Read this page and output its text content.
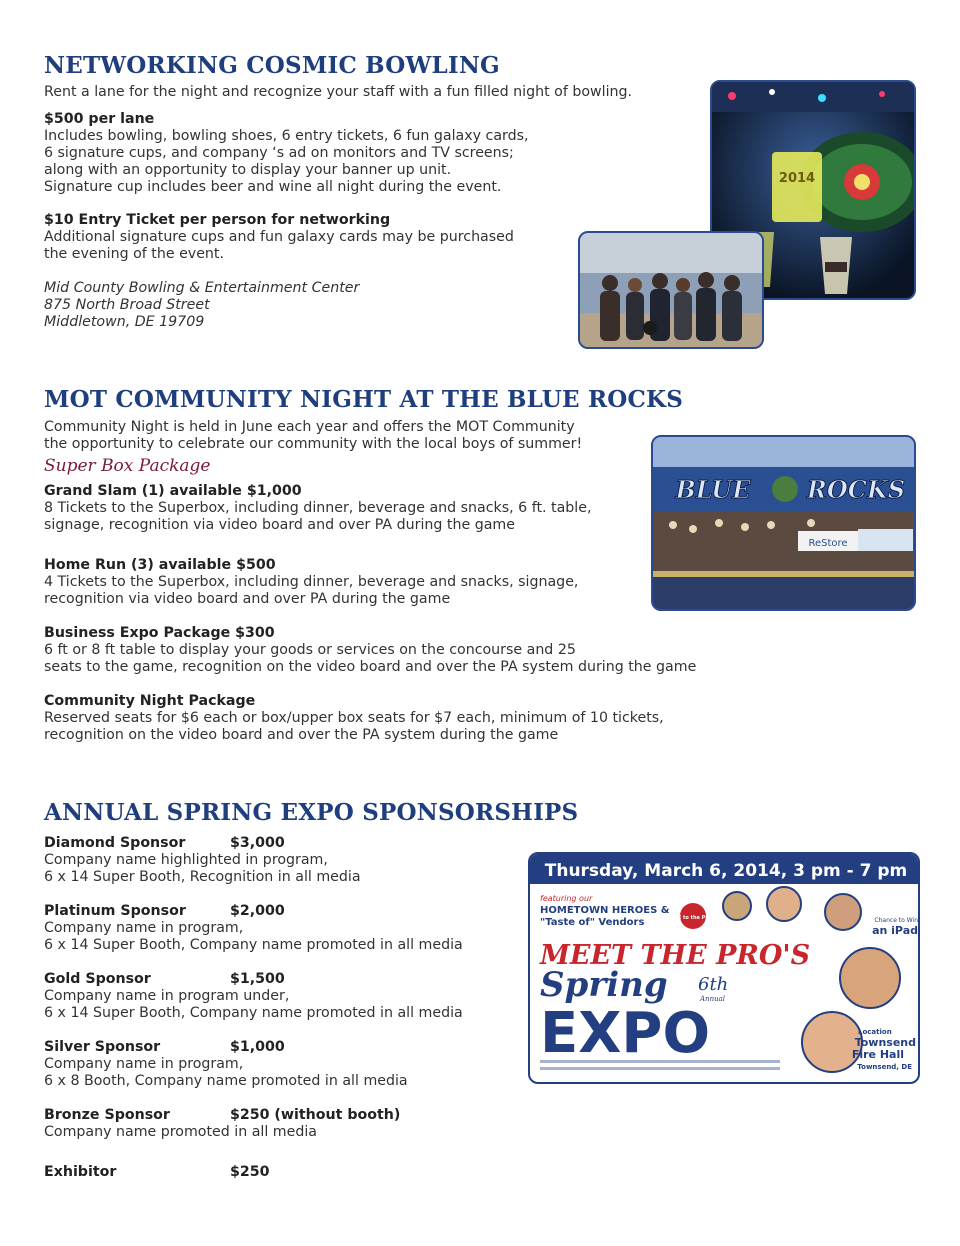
NETWORKING COSMIC BOWLING
Rent a lane for the night and recognize your staff with a fun filled night of bowling.
$500 per lane
Includes bowling, bowling shoes, 6 entry tickets, 6 fun galaxy cards,
6 signature cups, and company ‘s ad on monitors and TV screens;
along with an opportunity to display your banner up unit.
Signature cup includes beer and wine all night during the event.
$10 Entry Ticket per person for networking
Additional signature cups and fun galaxy cards may be purchased
the evening of the event.
Mid County Bowling & Entertainment Center
875 North Broad Street
Middletown, DE 19709
2014
MOT COMMUNITY NIGHT AT THE BLUE ROCKS
Community Night is held in June each year and offers the MOT Community
the opportunity to celebrate our community with the local boys of summer!
Super Box Package
Grand Slam (1) available $1,000
8 Tickets to the Superbox, including dinner, beverage and snacks, 6 ft. table,
signage, recognition via video board and over PA during the game
Home Run (3) available $500
4 Tickets to the Superbox, including dinner, beverage and snacks, signage,
recognition via video board and over PA during the game
Business Expo Package $300
6 ft or 8 ft table to display your goods or services on the concourse and 25
seats to the game, recognition on the video board and over the PA system during the game
Community Night Package
Reserved seats for $6 each or box/upper box seats for $7 each, minimum of 10 tickets,
recognition on the video board and over the PA system during the game
BLUE ROCKS
ReStore
ANNUAL SPRING EXPO SPONSORSHIPS
Diamond Sponsor	$3,000
Company name highlighted in program,
6 x 14 Super Booth, Recognition in all media
Platinum Sponsor	$2,000
Company name in program,
6 x 14 Super Booth, Company name promoted in all media
Gold Sponsor	$1,500
Company name in program under,
6 x 14 Super Booth, Company name promoted in all media
Silver Sponsor	$1,000
Company name in program,
6 x 8 Booth, Company name promoted in all media
Bronze Sponsor	$250 (without booth)
Company name promoted in all media
Exhibitor	$250
Thursday, March 6, 2014, 3 pm - 7 pm
featuring our
HOMETOWN HEROES &
"Taste of" Vendors	FREE to the Public	Chance to Win
an iPad
MEET THE PRO'S
Spring 6th
Annual
EXPO	Location
Townsend
Fire Hall
Townsend, DE
